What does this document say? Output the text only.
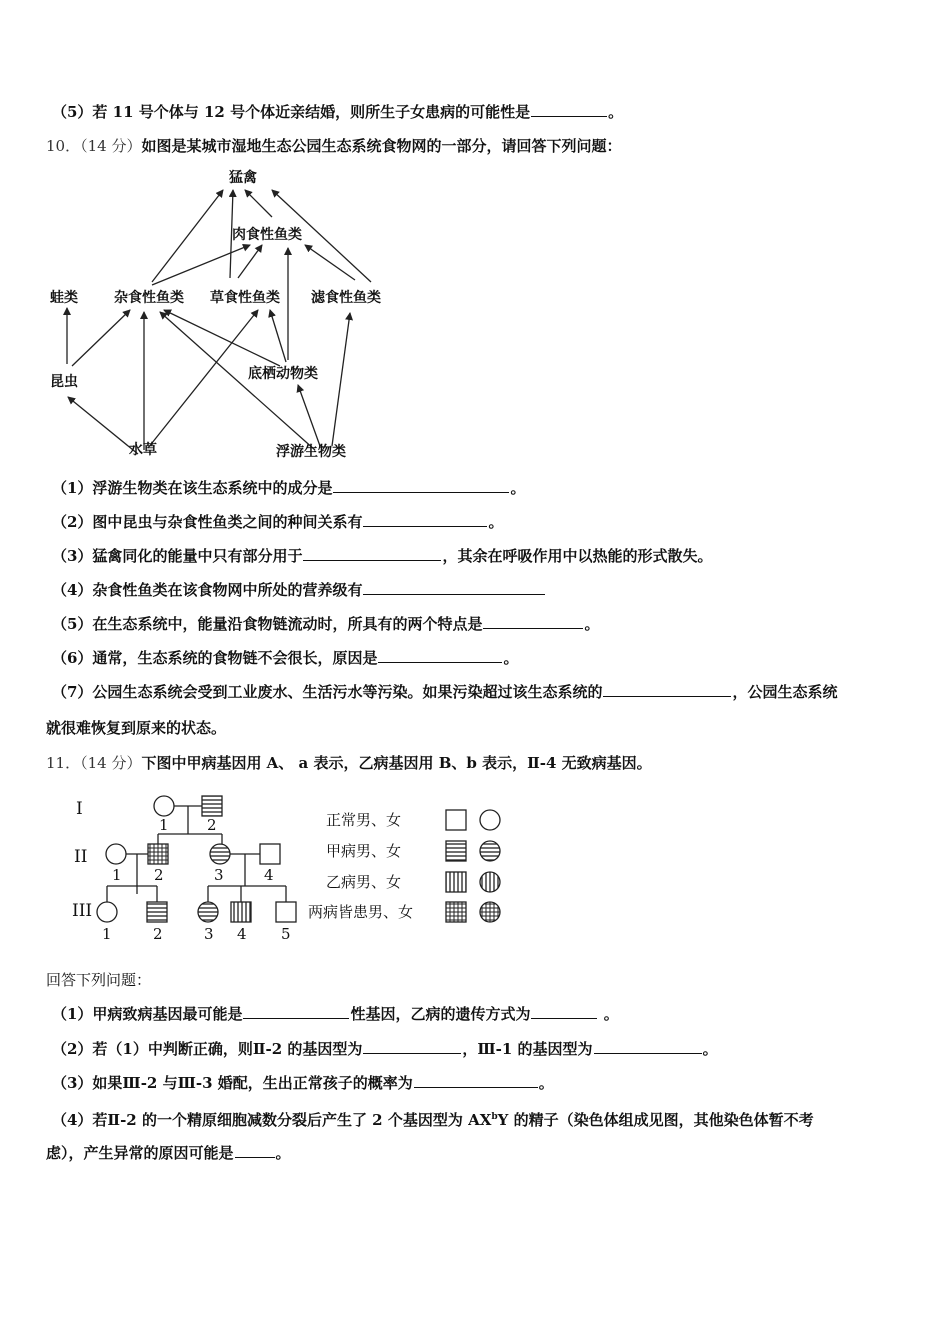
（5）若 11 号个体与 12 号个体近亲结婚，则所生子女患病的可能性是	。
10．（14 分）如图是某城市湿地生态公园生态系统食物网的一部分，请回答下列问题：
猛禽
肉食性鱼类
蛙类	杂食性鱼类 草食性鱼类 滤食性鱼类
昆虫	底栖动物类
水草	浮游生物类
（1）浮游生物类在该生态系统中的成分是	。
（2）图中昆虫与杂食性鱼类之间的种间关系有	。
（3）猛禽同化的能量中只有部分用于	，其余在呼吸作用中以热能的形式散失。
（4）杂食性鱼类在该食物网中所处的营养级有
（5）在生态系统中，能量沿食物链流动时，所具有的两个特点是	。
（6）通常，生态系统的食物链不会很长，原因是	。
（7）公园生态系统会受到工业废水、生活污水等污染。如果污染超过该生态系统的	，公园生态系统
就很难恢复到原来的状态。
11．（14 分）下图中甲病基因用 A、 a 表示，乙病基因用 B、b 表示，Ⅱ-4 无致病基因。
I
II
III
1	2
1 2	3	4
1	2	3 4 5
正常男、女
甲病男、女
乙病男、女
两病皆患男、女
回答下列问题：
（1）甲病致病基因最可能是	性基因，乙病的遗传方式为	。
（2）若（1）中判断正确，则Ⅱ-2 的基因型为	，Ⅲ-1 的基因型为	。
（3）如果Ⅲ-2 与Ⅲ-3 婚配，生出正常孩子的概率为	。
（4）若Ⅱ-2 的一个精原细胞减数分裂后产生了 2 个基因型为 $AX^bY$ 的精子（染色体组成见图，其他染色体暂不考
虑），产生异常的原因可能是	。
